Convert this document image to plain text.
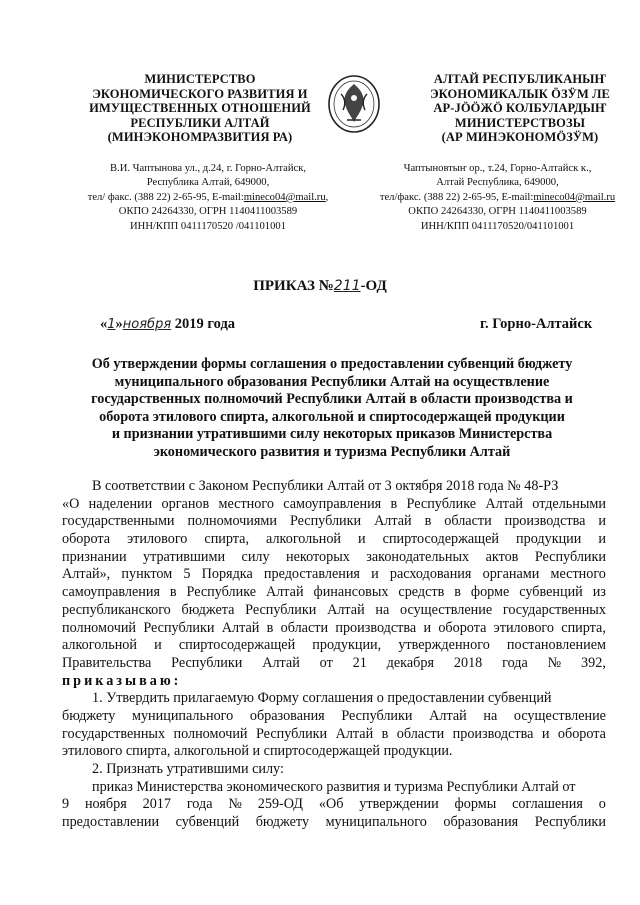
МИНИСТЕРСТВО
ЭКОНОМИЧЕСКОГО РАЗВИТИЯ И
ИМУЩЕСТВЕННЫХ ОТНОШЕНИЙ
РЕСПУБЛИКИ АЛТАЙ
(МИНЭКОНОМРАЗВИТИЯ РА)
АЛТАЙ РЕСПУБЛИКАНЫҤ
ЭКОНОМИКАЛЫК ÖЗӰМ ЛЕ
АР-JÖÖЖÖ КОЛБУЛАРДЫҤ
МИНИСТЕРСТВОЗЫ
(АР МИНЭКОНОМÖЗӰМ)
В.И. Чаптынова ул., д.24, г. Горно-Алтайск,
Республика Алтай, 649000,
тел/ факс. (388 22) 2-65-95, E-mail:mineco04@mail.ru,
ОКПО 24264330, ОГРН 1140411003589
ИНН/КПП 0411170520 /041101001
Чаптыновтыҥ ор., т.24, Горно-Алтайск к.,
Алтай Республика, 649000,
тел/факс. (388 22) 2-65-95, E-mail:mineco04@mail.ru
ОКПО 24264330, ОГРН 1140411003589
ИНН/КПП 0411170520/041101001
ПРИКАЗ №211-ОД
«1»ноября 2019 года	г. Горно-Алтайск
Об утверждении формы соглашения о предоставлении субвенций бюджету
муниципального образования Республики Алтай на осуществление
государственных полномочий Республики Алтай в области производства и
оборота этилового спирта, алкогольной и спиртосодержащей продукции
и признании утратившими силу некоторых приказов Министерства
экономического развития и туризма Республики Алтай
В соответствии с Законом Республики Алтай от 3 октября 2018 года № 48-РЗ
«О наделении органов местного самоуправления в Республике Алтай отдельными
государственными полномочиями Республики Алтай в области производства и
оборота этилового спирта, алкогольной и спиртосодержащей продукции и
признании утратившими силу некоторых законодательных актов Республики
Алтай», пунктом 5 Порядка предоставления и расходования органами местного
самоуправления в Республике Алтай финансовых средств в форме субвенций из
республиканского бюджета Республики Алтай на осуществление государственных
полномочий Республики Алтай в области производства и оборота этилового спирта,
алкогольной и спиртосодержащей продукции, утвержденного постановлением
Правительства Республики Алтай от 21 декабря 2018 года № 392,
приказываю:
1. Утвердить прилагаемую Форму соглашения о предоставлении субвенций
бюджету муниципального образования Республики Алтай на осуществление
государственных полномочий Республики Алтай в области производства и оборота
этилового спирта, алкогольной и спиртосодержащей продукции.
2. Признать утратившими силу:
приказ Министерства экономического развития и туризма Республики Алтай от
9 ноября 2017 года № 259-ОД «Об утверждении формы соглашения о
предоставлении субвенций бюджету муниципального образования Республики
